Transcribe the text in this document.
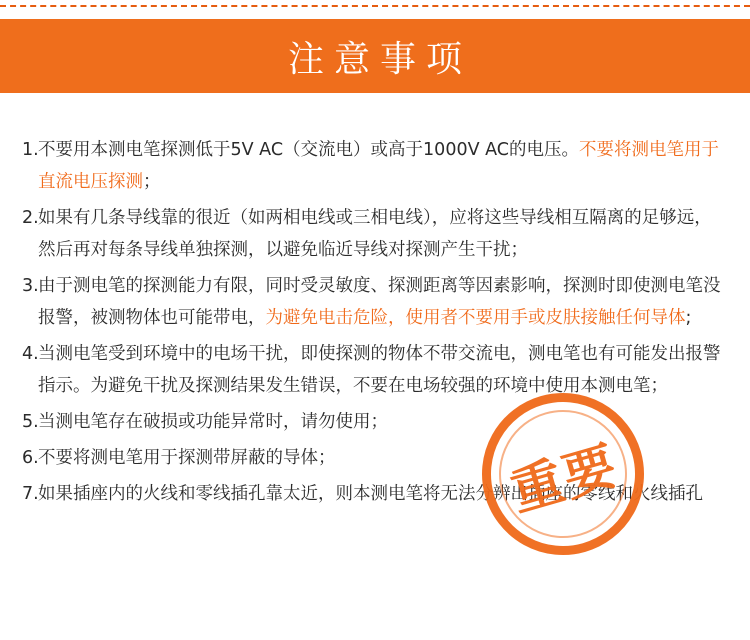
注意事项

1. 不要用本测电笔探测低于5V AC（交流电）或高于1000V AC的电压。不要将测电笔用于直流电压探测；

2. 如果有几条导线靠的很近（如两相电线或三相电线），应将这些导线相互隔离的足够远，然后再对每条导线单独探测，以避免临近导线对探测产生干扰；

3. 由于测电笔的探测能力有限，同时受灵敏度、探测距离等因素影响，探测时即使测电笔没报警，被测物体也可能带电，为避免电击危险，使用者不要用手或皮肤接触任何导体;

4. 当测电笔受到环境中的电场干扰，即使探测的物体不带交流电，测电笔也有可能发出报警指示。为避免干扰及探测结果发生错误，不要在电场较强的环境中使用本测电笔；

5. 当测电笔存在破损或功能异常时，请勿使用；

6. 不要将测电笔用于探测带屏蔽的导体；

7. 如果插座内的火线和零线插孔靠太近，则本测电笔将无法分辨出插座的零线和火线插孔

重要
